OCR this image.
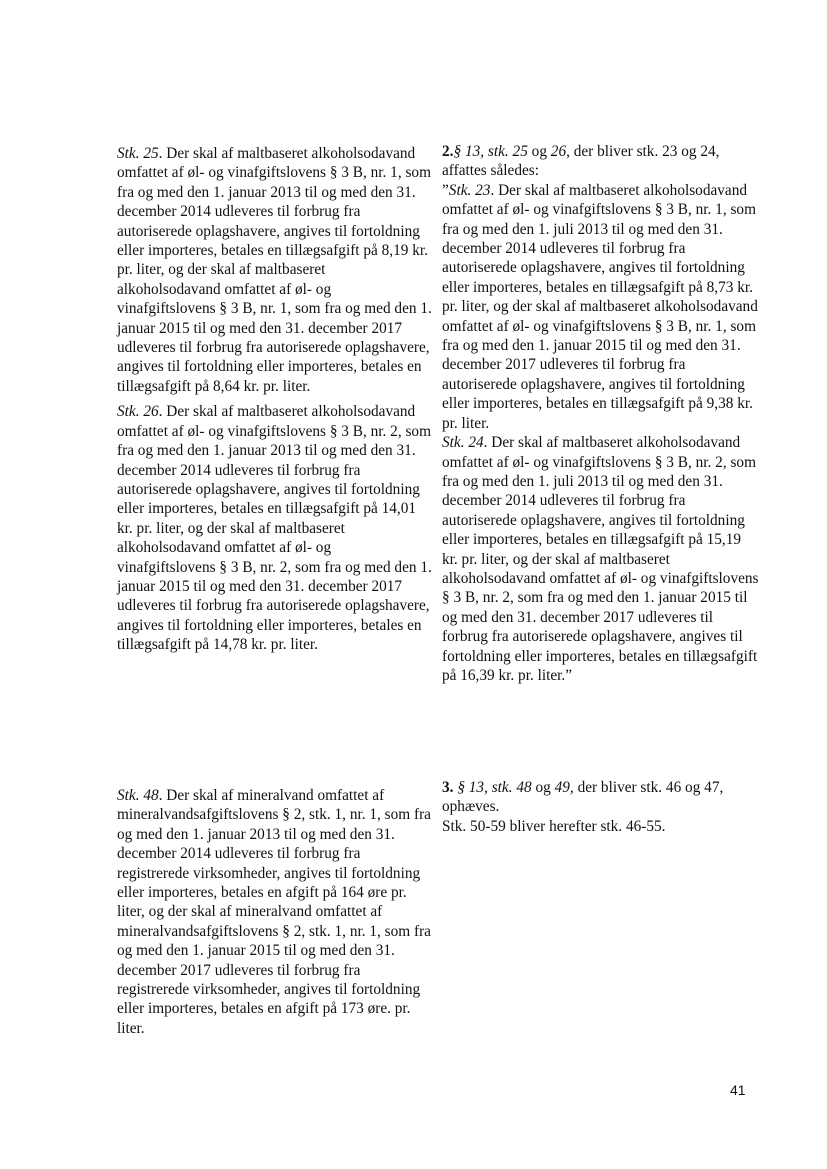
Stk. 25. Der skal af maltbaseret alkoholsodavand omfattet af øl- og vinafgiftslovens § 3 B, nr. 1, som fra og med den 1. januar 2013 til og med den 31. december 2014 udleveres til forbrug fra autoriserede oplagshavere, angives til fortoldning eller importeres, betales en tillægsafgift på 8,19 kr. pr. liter, og der skal af maltbaseret alkoholsodavand omfattet af øl- og vinafgiftslovens § 3 B, nr. 1, som fra og med den 1. januar 2015 til og med den 31. december 2017 udleveres til forbrug fra autoriserede oplagshavere, angives til fortoldning eller importeres, betales en tillægsafgift på 8,64 kr. pr. liter.

Stk. 26. Der skal af maltbaseret alkoholsodavand omfattet af øl- og vinafgiftslovens § 3 B, nr. 2, som fra og med den 1. januar 2013 til og med den 31. december 2014 udleveres til forbrug fra autoriserede oplagshavere, angives til fortoldning eller importeres, betales en tillægsafgift på 14,01 kr. pr. liter, og der skal af maltbaseret alkoholsodavand omfattet af øl- og vinafgiftslovens § 3 B, nr. 2, som fra og med den 1. januar 2015 til og med den 31. december 2017 udleveres til forbrug fra autoriserede oplagshavere, angives til fortoldning eller importeres, betales en tillægsafgift på 14,78 kr. pr. liter.

2.§ 13, stk. 25 og 26, der bliver stk. 23 og 24, affattes således:

”Stk. 23. Der skal af maltbaseret alkoholsodavand omfattet af øl- og vinafgiftslovens § 3 B, nr. 1, som fra og med den 1. juli 2013 til og med den 31. december 2014 udleveres til forbrug fra autoriserede oplagshavere, angives til fortoldning eller importeres, betales en tillægsafgift på 8,73 kr. pr. liter, og der skal af maltbaseret alkoholsodavand omfattet af øl- og vinafgiftslovens § 3 B, nr. 1, som fra og med den 1. januar 2015 til og med den 31. december 2017 udleveres til forbrug fra autoriserede oplagshavere, angives til fortoldning eller importeres, betales en tillægsafgift på 9,38 kr. pr. liter.

Stk. 24. Der skal af maltbaseret alkoholsodavand omfattet af øl- og vinafgiftslovens § 3 B, nr. 2, som fra og med den 1. juli 2013 til og med den 31. december 2014 udleveres til forbrug fra autoriserede oplagshavere, angives til fortoldning eller importeres, betales en tillægsafgift på 15,19 kr. pr. liter, og der skal af maltbaseret alkoholsodavand omfattet af øl- og vinafgiftslovens § 3 B, nr. 2, som fra og med den 1. januar 2015 til og med den 31. december 2017 udleveres til forbrug fra autoriserede oplagshavere, angives til fortoldning eller importeres, betales en tillægsafgift på 16,39 kr. pr. liter.”

Stk. 48. Der skal af mineralvand omfattet af mineralvandsafgiftslovens § 2, stk. 1, nr. 1, som fra og med den 1. januar 2013 til og med den 31. december 2014 udleveres til forbrug fra registrerede virksomheder, angives til fortoldning eller importeres, betales en afgift på 164 øre pr. liter, og der skal af mineralvand omfattet af mineralvandsafgiftslovens § 2, stk. 1, nr. 1, som fra og med den 1. januar 2015 til og med den 31. december 2017 udleveres til forbrug fra registrerede virksomheder, angives til fortoldning eller importeres, betales en afgift på 173 øre. pr. liter.

3. § 13, stk. 48 og 49, der bliver stk. 46 og 47, ophæves.

Stk. 50-59 bliver herefter stk. 46-55.

41
